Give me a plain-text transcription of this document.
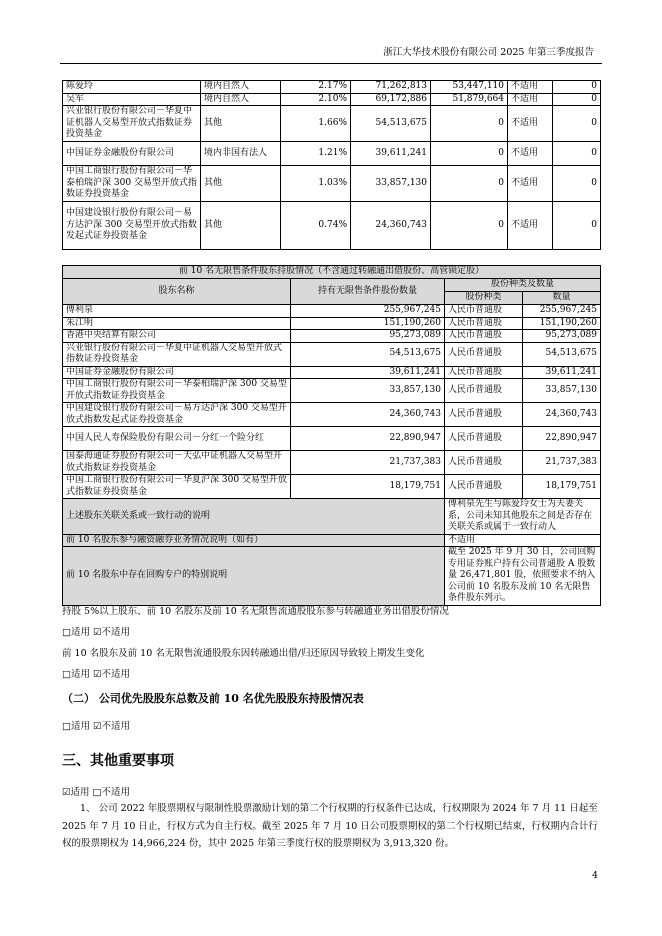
浙江大华技术股份有限公司 2025 年第三季度报告
陈爱玲	境内自然人	2.17%	71,262,813	53,447,110	不适用	0
吴军	境内自然人	2.10%	69,172,886	51,879,664	不适用	0
兴业银行股份有限公司－华夏中证机器人交易型开放式指数证券投资基金	其他	1.66%	54,513,675	0	不适用	0
中国证券金融股份有限公司	境内非国有法人	1.21%	39,611,241	0	不适用	0
中国工商银行股份有限公司－华泰柏瑞沪深 300 交易型开放式指数证券投资基金	其他	1.03%	33,857,130	0	不适用	0
中国建设银行股份有限公司－易方达沪深 300 交易型开放式指数发起式证券投资基金	其他	0.74%	24,360,743	0	不适用	0
前 10 名无限售条件股东持股情况（不含通过转融通出借股份、高管锁定股）			
股东名称	持有无限售条件股份数量	股份种类及数量	
		股份种类	数量
傅利泉	255,967,245	人民币普通股	255,967,245
朱江明	151,190,260	人民币普通股	151,190,260
香港中央结算有限公司	95,273,089	人民币普通股	95,273,089
兴业银行股份有限公司－华夏中证机器人交易型开放式指数证券投资基金	54,513,675	人民币普通股	54,513,675
中国证券金融股份有限公司	39,611,241	人民币普通股	39,611,241
中国工商银行股份有限公司－华泰柏瑞沪深 300 交易型开放式指数证券投资基金	33,857,130	人民币普通股	33,857,130
中国建设银行股份有限公司－易方达沪深 300 交易型开放式指数发起式证券投资基金	24,360,743	人民币普通股	24,360,743
中国人民人寿保险股份有限公司－分红一个险分红	22,890,947	人民币普通股	22,890,947
国泰海通证券股份有限公司－天弘中证机器人交易型开放式指数证券投资基金	21,737,383	人民币普通股	21,737,383
中国工商银行股份有限公司－华夏沪深 300 交易型开放式指数证券投资基金	18,179,751	人民币普通股	18,179,751
上述股东关联关系或一致行动的说明		傅利泉先生与陈爱玲女士为夫妻关系，公司未知其他股东之间是否存在关联关系或属于一致行动人	
前 10 名股东参与融资融券业务情况说明（如有）		不适用	
前 10 名股东中存在回购专户的特别说明		截至 2025 年 9 月 30 日，公司回购专用证券账户持有公司普通股 A 股数量 26,471,801 股，依照要求不纳入公司前 10 名股东及前 10 名无限售条件股东列示。	
持股 5%以上股东、前 10 名股东及前 10 名无限售流通股股东参与转融通业务出借股份情况
□适用 ☑不适用
前 10 名股东及前 10 名无限售流通股股东因转融通出借/归还原因导致较上期发生变化
□适用 ☑不适用
（二） 公司优先股股东总数及前 10 名优先股股东持股情况表
□适用 ☑不适用
三、其他重要事项
☑适用 □不适用
1、 公司 2022 年股票期权与限制性股票激励计划的第二个行权期的行权条件已达成，行权期限为 2024 年 7 月 11 日起至 2025 年 7 月 10 日止，行权方式为自主行权。截至 2025 年 7 月 10 日公司股票期权的第二个行权期已结束，行权期内合计行权的股票期权为 14,966,224 份，其中 2025 年第三季度行权的股票期权为 3,913,320 份。
4
